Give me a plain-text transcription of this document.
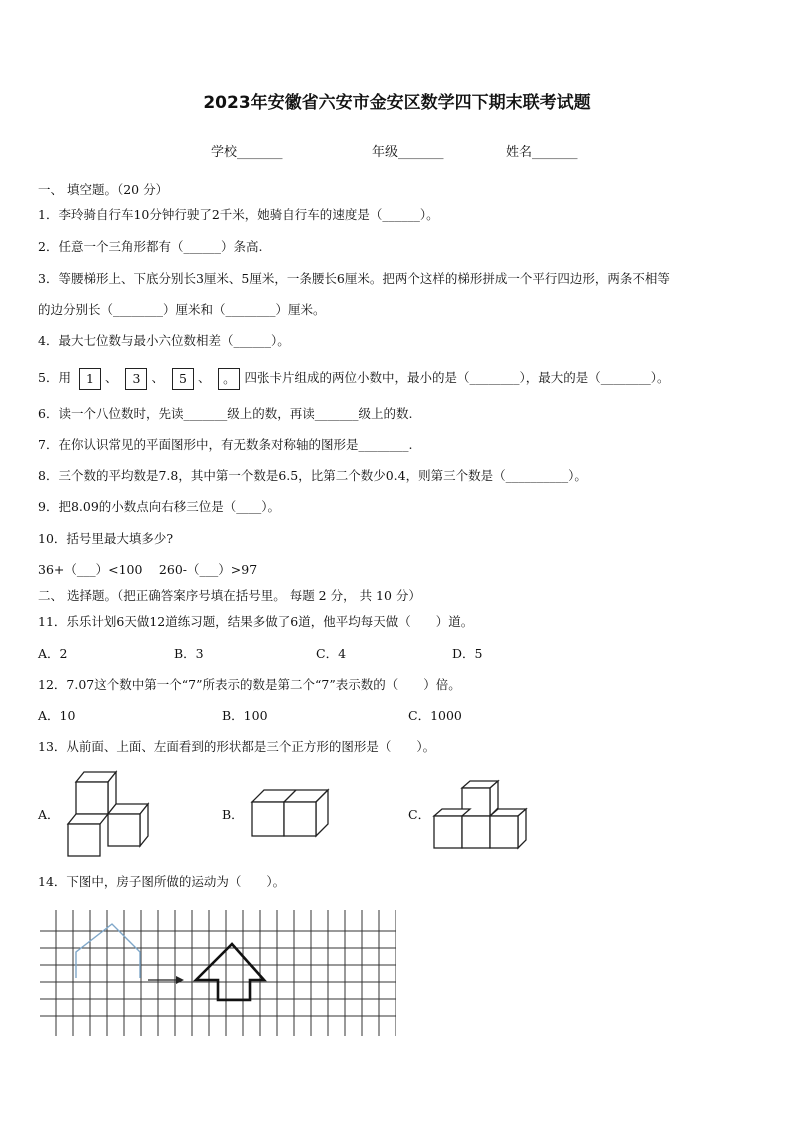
2023年安徽省六安市金安区数学四下期末联考试题
学校_______	年级_______	姓名_______
一、 填空题。（20 分）
1．李玲骑自行车10分钟行驶了2千米，她骑自行车的速度是（______）。
2．任意一个三角形都有（______）条高.
3．等腰梯形上、下底分别长3厘米、5厘米，一条腰长6厘米。把两个这样的梯形拼成一个平行四边形，两条不相等
的边分别长（________）厘米和（________）厘米。
4．最大七位数与最小六位数相差（______）。
5．用 1 、 3 、 5 、 。 四张卡片组成的两位小数中，最小的是（________），最大的是（________）。
6．读一个八位数时，先读_______级上的数，再读_______级上的数.
7．在你认识常见的平面图形中，有无数条对称轴的图形是________.
8．三个数的平均数是7.8，其中第一个数是6.5，比第二个数少0.4，则第三个数是（__________）。
9．把8.09的小数点向右移三位是（____）。
10．括号里最大填多少?
36+（___）<100　 260-（___）>97
二、 选择题。（把正确答案序号填在括号里。 每题 2 分， 共 10 分）
11．乐乐计划6天做12道练习题，结果多做了6道，他平均每天做（　　）道。
A．2	B．3	C．4	D．5
12．7.07这个数中第一个“7”所表示的数是第二个“7”表示数的（　　）倍。
A．10	B．100	C．1000
13．从前面、上面、左面看到的形状都是三个正方形的图形是（　　）。
A．	B．	C．
14．下图中，房子图所做的运动为（　　）。
